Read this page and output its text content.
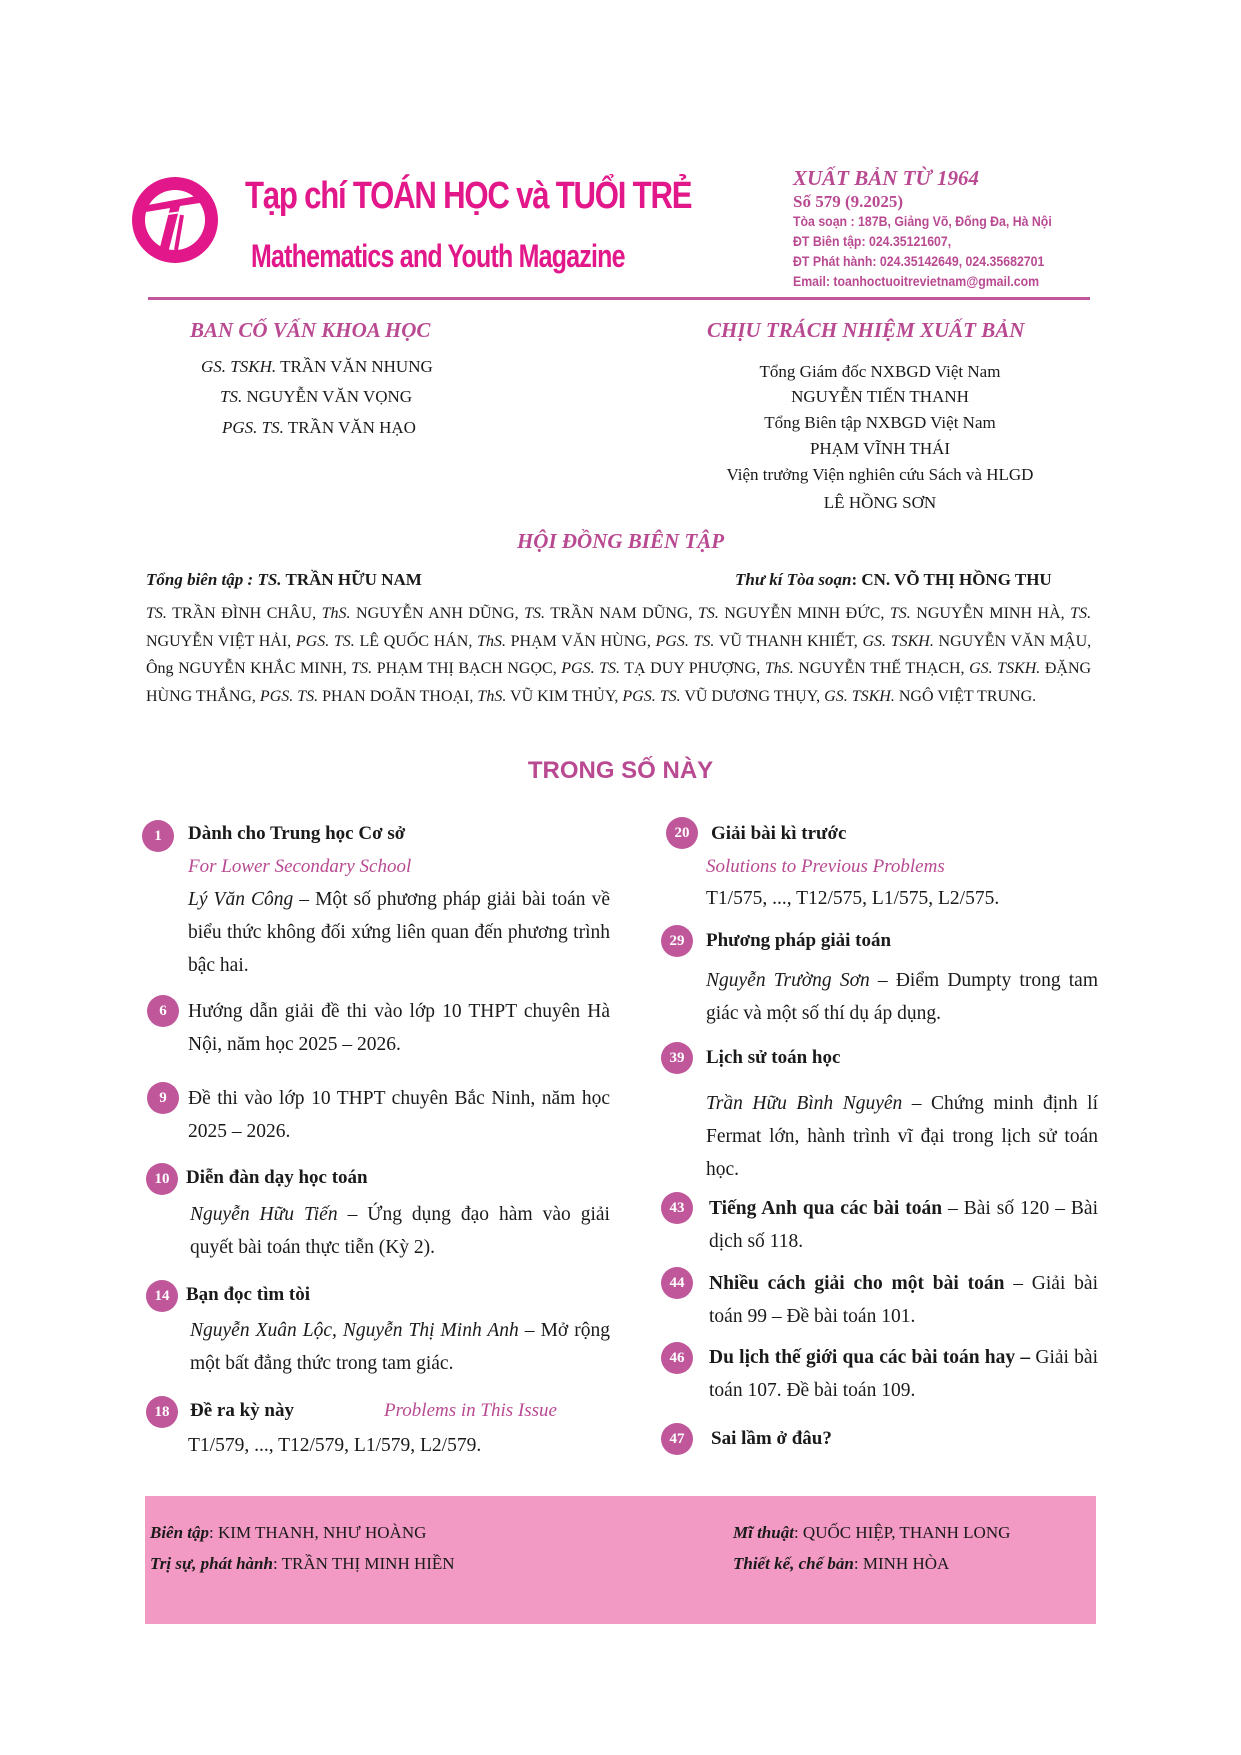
Tạp chí TOÁN HỌC và TUỔI TRẺ
Mathematics and Youth Magazine
XUẤT BẢN TỪ 1964
Số 579 (9.2025)
Tòa soạn : 187B, Giảng Võ, Đống Đa, Hà Nội
ĐT Biên tập: 024.35121607,
ĐT Phát hành: 024.35142649, 024.35682701
Email: toanhoctuoitrevietnam@gmail.com
BAN CỐ VẤN KHOA HỌC
GS. TSKH. TRẦN VĂN NHUNG
TS. NGUYỄN VĂN VỌNG
PGS. TS. TRẦN VĂN HẠO
CHỊU TRÁCH NHIỆM XUẤT BẢN
Tổng Giám đốc NXBGD Việt Nam
NGUYỄN TIẾN THANH
Tổng Biên tập NXBGD Việt Nam
PHẠM VĨNH THÁI
Viện trưởng Viện nghiên cứu Sách và HLGD
LÊ HỒNG SƠN
HỘI ĐỒNG BIÊN TẬP
Tổng biên tập : TS. TRẦN HỮU NAM	Thư kí Tòa soạn: CN. VÕ THỊ HỒNG THU
TS. TRẦN ĐÌNH CHÂU, ThS. NGUYỄN ANH DŨNG, TS. TRẦN NAM DŨNG, TS. NGUYỄN MINH ĐỨC, TS. NGUYỄN MINH HÀ, TS. NGUYỄN VIỆT HẢI, PGS. TS. LÊ QUỐC HÁN, ThS. PHẠM VĂN HÙNG, PGS. TS. VŨ THANH KHIẾT, GS. TSKH. NGUYỄN VĂN MẬU, Ông NGUYỄN KHẮC MINH, TS. PHẠM THỊ BẠCH NGỌC, PGS. TS. TẠ DUY PHƯỢNG, ThS. NGUYỄN THẾ THẠCH, GS. TSKH. ĐẶNG HÙNG THẮNG, PGS. TS. PHAN DOÃN THOẠI, ThS. VŨ KIM THỦY, PGS. TS. VŨ DƯƠNG THỤY, GS. TSKH. NGÔ VIỆT TRUNG.
TRONG SỐ NÀY
1	Dành cho Trung học Cơ sở
For Lower Secondary School
Lý Văn Công – Một số phương pháp giải bài toán về biểu thức không đối xứng liên quan đến phương trình bậc hai.
6	Hướng dẫn giải đề thi vào lớp 10 THPT chuyên Hà Nội, năm học 2025 – 2026.
9	Đề thi vào lớp 10 THPT chuyên Bắc Ninh, năm học 2025 – 2026.
10 Diễn đàn dạy học toán
Nguyễn Hữu Tiến – Ứng dụng đạo hàm vào giải quyết bài toán thực tiễn (Kỳ 2).
14 Bạn đọc tìm tòi
Nguyễn Xuân Lộc, Nguyễn Thị Minh Anh – Mở rộng một bất đẳng thức trong tam giác.
18	Đề ra kỳ này	Problems in This Issue
T1/579, ..., T12/579, L1/579, L2/579.
20	Giải bài kì trước
Solutions to Previous Problems
T1/575, ..., T12/575, L1/575, L2/575.
29	Phương pháp giải toán
Nguyễn Trường Sơn – Điểm Dumpty trong tam giác và một số thí dụ áp dụng.
39	Lịch sử toán học
Trần Hữu Bình Nguyên – Chứng minh định lí Fermat lớn, hành trình vĩ đại trong lịch sử toán học.
43	Tiếng Anh qua các bài toán – Bài số 120 – Bài dịch số 118.
44	Nhiều cách giải cho một bài toán – Giải bài toán 99 – Đề bài toán 101.
46	Du lịch thế giới qua các bài toán hay – Giải bài toán 107. Đề bài toán 109.
47	Sai lầm ở đâu?
Biên tập: KIM THANH, NHƯ HOÀNG
Trị sự, phát hành: TRẦN THỊ MINH HIỀN
Mĩ thuật: QUỐC HIỆP, THANH LONG
Thiết kế, chế bản: MINH HÒA
